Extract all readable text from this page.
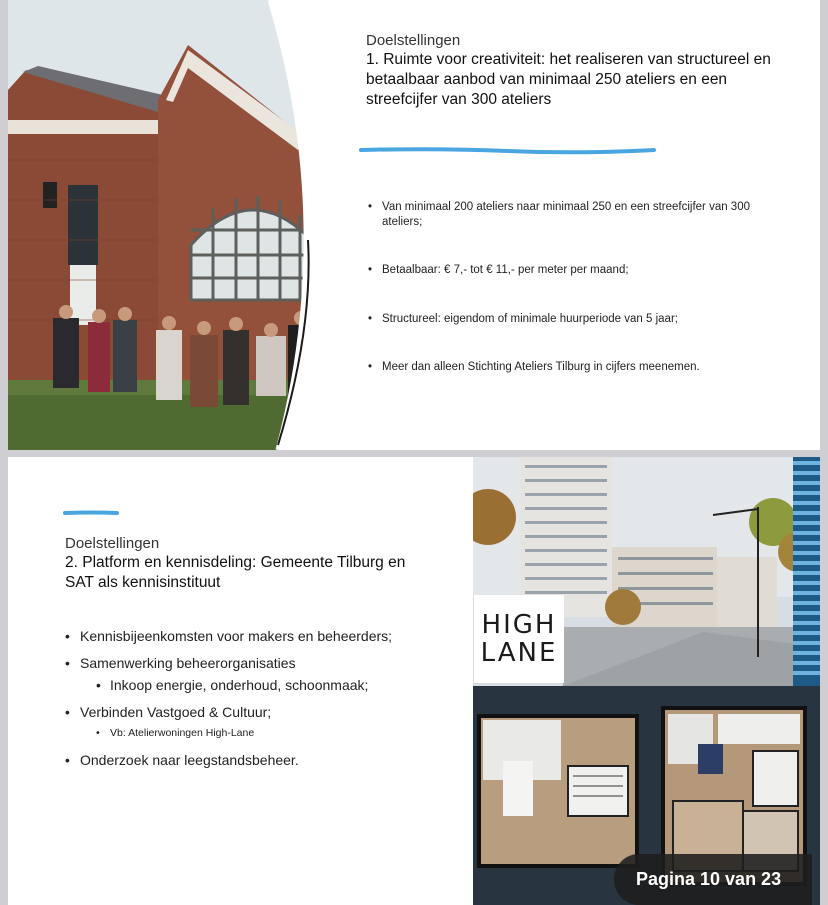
Doelstellingen
1. Ruimte voor creativiteit: het realiseren van structureel en betaalbaar aanbod van minimaal 250 ateliers en een streefcijfer van 300 ateliers
• Van minimaal 200 ateliers naar minimaal 250 en een streefcijfer van 300 ateliers;
• Betaalbaar: € 7,- tot € 11,- per meter per maand;
• Structureel: eigendom of minimale huurperiode van 5 jaar;
• Meer dan alleen Stichting Ateliers Tilburg in cijfers meenemen.
Doelstellingen
2. Platform en kennisdeling: Gemeente Tilburg en SAT als kennisinstituut
• Kennisbijeenkomsten voor makers en beheerders;
• Samenwerking beheerorganisaties
• Inkoop energie, onderhoud, schoonmaak;
• Verbinden Vastgoed & Cultuur;
• Vb: Atelierwoningen High-Lane
• Onderzoek naar leegstandsbeheer.
HIGH
LANE
Pagina 10 van 23
